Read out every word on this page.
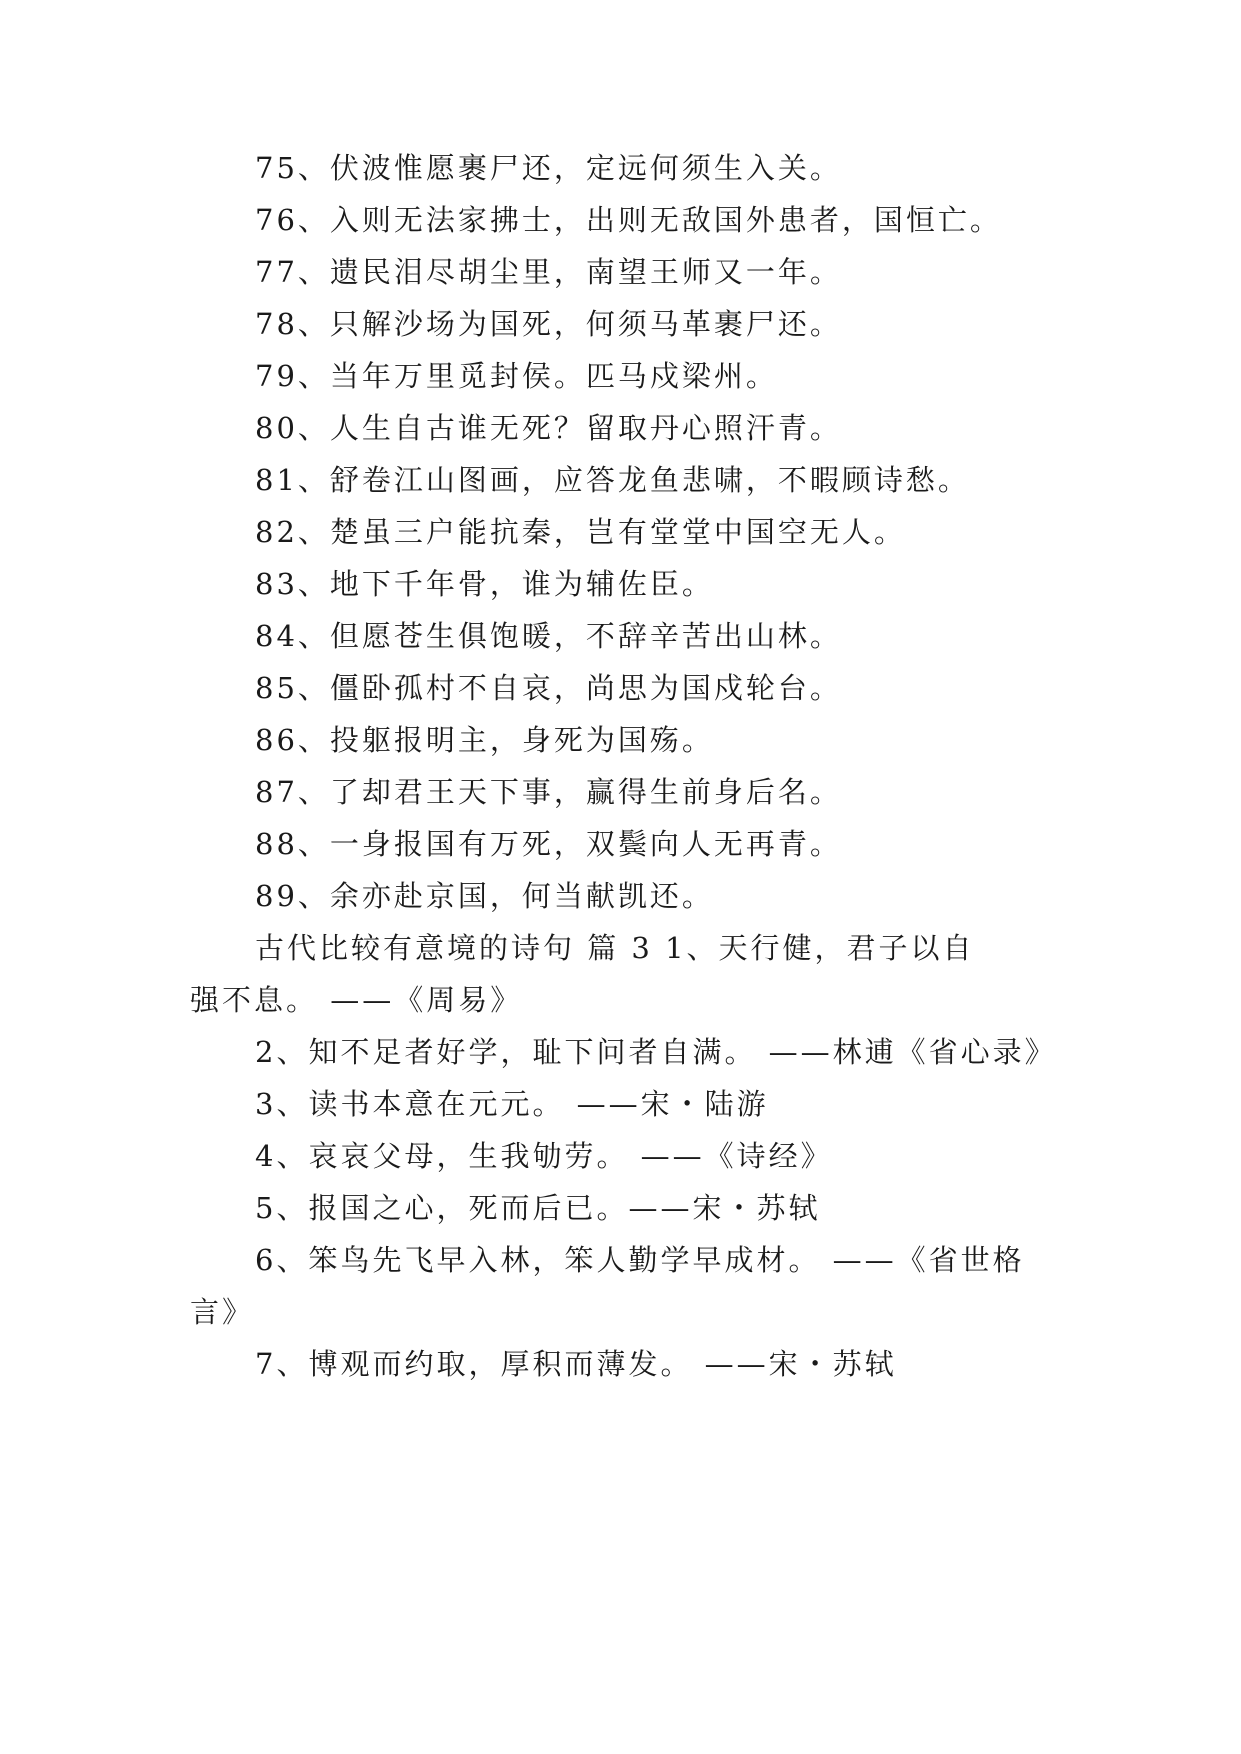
75、伏波惟愿裹尸还，定远何须生入关。
76、入则无法家拂士，出则无敌国外患者，国恒亡。
77、遗民泪尽胡尘里，南望王师又一年。
78、只解沙场为国死，何须马革裹尸还。
79、当年万里觅封侯。匹马戍梁州。
80、人生自古谁无死？留取丹心照汗青。
81、舒卷江山图画，应答龙鱼悲啸，不暇顾诗愁。
82、楚虽三户能抗秦，岂有堂堂中国空无人。
83、地下千年骨，谁为辅佐臣。
84、但愿苍生俱饱暖，不辞辛苦出山林。
85、僵卧孤村不自哀，尚思为国戍轮台。
86、投躯报明主，身死为国殇。
87、了却君王天下事，赢得生前身后名。
88、一身报国有万死，双鬓向人无再青。
89、余亦赴京国，何当献凯还。
古代比较有意境的诗句 篇 3 1、天行健，君子以自
强不息。 ——《周易》
2、知不足者好学，耻下问者自满。 ——林逋《省心录》
3、读书本意在元元。 ——宋・陆游
4、哀哀父母，生我劬劳。 ——《诗经》
5、报国之心，死而后已。——宋・苏轼
6、笨鸟先飞早入林，笨人勤学早成材。 ——《省世格
言》
7、博观而约取，厚积而薄发。 ——宋・苏轼
